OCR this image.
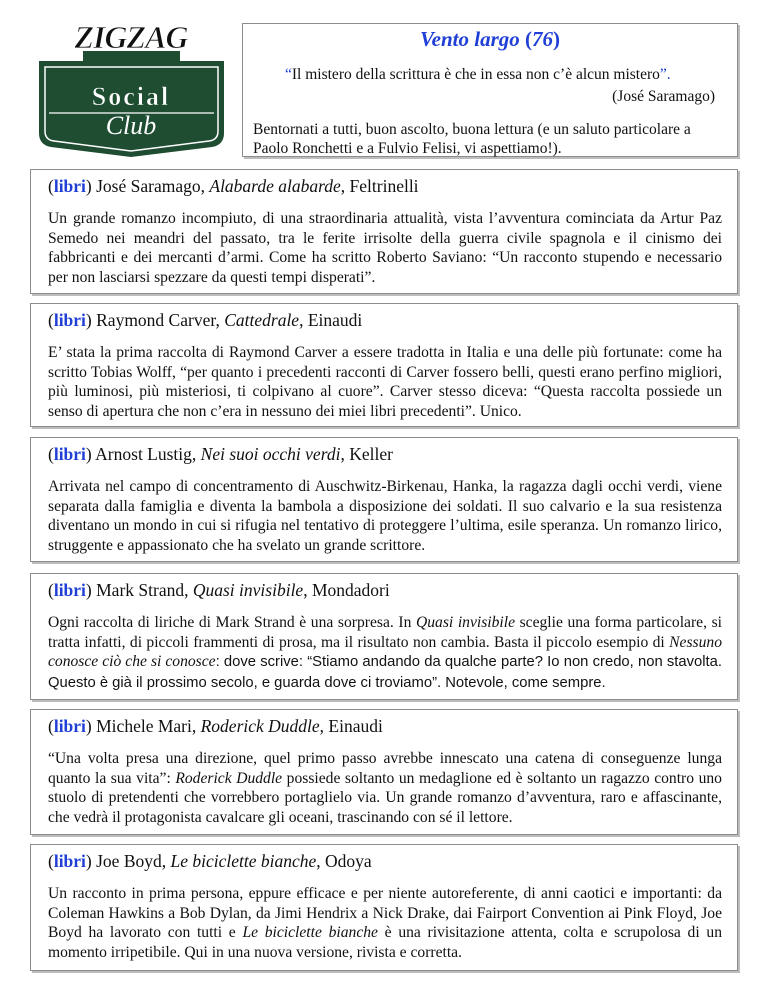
ZIGZAG
Social
Club
Vento largo (76)
“Il mistero della scrittura è che in essa non c’è alcun mistero”.
(José Saramago)
Bentornati a tutti, buon ascolto, buona lettura (e un saluto particolare a Paolo Ronchetti e a Fulvio Felisi, vi aspettiamo!).

(libri) José Saramago, Alabarde alabarde, Feltrinelli

Un grande romanzo incompiuto, di una straordinaria attualità, vista l’avventura cominciata da Artur Paz Semedo nei meandri del passato, tra le ferite irrisolte della guerra civile spagnola e il cinismo dei fabbricanti e dei mercanti d’armi. Come ha scritto Roberto Saviano: “Un racconto stupendo e necessario per non lasciarsi spezzare da questi tempi disperati”.

(libri) Raymond Carver, Cattedrale, Einaudi

E’ stata la prima raccolta di Raymond Carver a essere tradotta in Italia e una delle più fortunate: come ha scritto Tobias Wolff, “per quanto i precedenti racconti di Carver fossero belli, questi erano perfino migliori, più luminosi, più misteriosi, ti colpivano al cuore”. Carver stesso diceva: “Questa raccolta possiede un senso di apertura che non c’era in nessuno dei miei libri precedenti”. Unico.

(libri) Arnost Lustig, Nei suoi occhi verdi, Keller

Arrivata nel campo di concentramento di Auschwitz-Birkenau, Hanka, la ragazza dagli occhi verdi, viene separata dalla famiglia e diventa la bambola a disposizione dei soldati. Il suo calvario e la sua resistenza diventano un mondo in cui si rifugia nel tentativo di proteggere l’ultima, esile speranza. Un romanzo lirico, struggente e appassionato che ha svelato un grande scrittore.

(libri) Mark Strand, Quasi invisibile, Mondadori

Ogni raccolta di liriche di Mark Strand è una sorpresa. In Quasi invisibile sceglie una forma particolare, si tratta infatti, di piccoli frammenti di prosa, ma il risultato non cambia. Basta il piccolo esempio di Nessuno conosce ciò che si conosce: dove scrive: “Stiamo andando da qualche parte? Io non credo, non stavolta. Questo è già il prossimo secolo, e guarda dove ci troviamo”. Notevole, come sempre.

(libri) Michele Mari, Roderick Duddle, Einaudi

“Una volta presa una direzione, quel primo passo avrebbe innescato una catena di conseguenze lunga quanto la sua vita”: Roderick Duddle possiede soltanto un medaglione ed è soltanto un ragazzo contro uno stuolo di pretendenti che vorrebbero portaglielo via. Un grande romanzo d’avventura, raro e affascinante, che vedrà il protagonista cavalcare gli oceani, trascinando con sé il lettore.

(libri) Joe Boyd, Le biciclette bianche, Odoya

Un racconto in prima persona, eppure efficace e per niente autoreferente, di anni caotici e importanti: da Coleman Hawkins a Bob Dylan, da Jimi Hendrix a Nick Drake, dai Fairport Convention ai Pink Floyd, Joe Boyd ha lavorato con tutti e Le biciclette bianche è una rivisitazione attenta, colta e scrupolosa di un momento irripetibile. Qui in una nuova versione, rivista e corretta.
